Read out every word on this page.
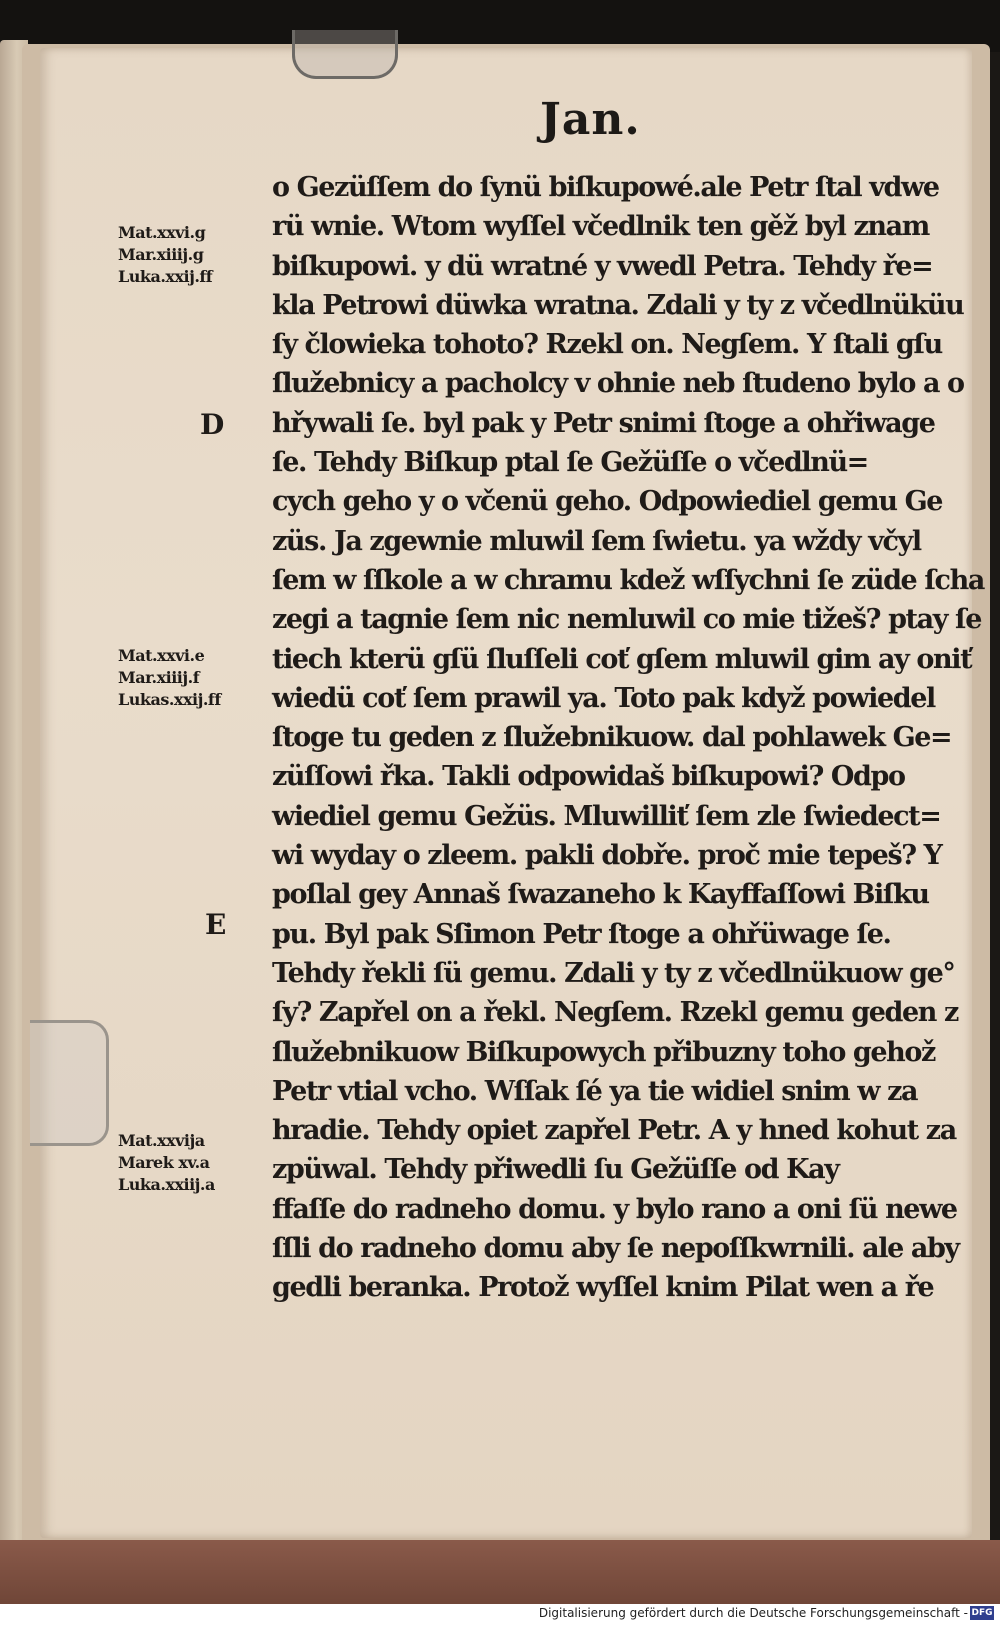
Jan.
o Gezüſſem do ſynü biſkupowé.ale Petr ſtal vdwe
rü wnie. Wtom wyſſel včedlnik ten gěž byl znam
biſkupowi. y dü wratné y vwedl Petra. Tehdy ře=
kla Petrowi düwka wratna. Zdali y ty z včedlnüküu
ſy člowieka tohoto? Rzekl on. Negſem. Y ſtali gſu
ſlužebnicy a pacholcy v ohnie neb ſtudeno bylo a o
hřywali ſe. byl pak y Petr snimi ſtoge a ohřiwage
ſe. Tehdy Biſkup ptal ſe Gežüſſe o včedlnü=
cych geho y o včenü geho. Odpowiediel gemu Ge
züs. Ja zgewnie mluwil ſem ſwietu. ya wždy včyl
ſem w ſſkole a w chramu kdež wſſychni ſe züde ſcha
zegi a tagnie ſem nic nemluwil co mie tižeš? ptay ſe
tiech kterü gſü ſluſſeli coť gſem mluwil gim ay oniť
wiedü coť ſem prawil ya. Toto pak když powiedel
ſtoge tu geden z ſlužebnikuow. dal pohlawek Ge=
züſſowi řka. Takli odpowidaš biſkupowi? Odpo
wiediel gemu Gežüs. Mluwilliť ſem zle ſwiedect=
wi wyday o zleem. pakli dobře. proč mie tepeš? Y
poſlal gey Annaš ſwazaneho k Kayffaſſowi Biſku
pu. Byl pak Sſimon Petr ſtoge a ohřüwage ſe.
Tehdy řekli ſü gemu. Zdali y ty z včedlnükuow ge°
ſy? Zapřel on a řekl. Negſem. Rzekl gemu geden z
ſlužebnikuow Biſkupowych přibuzny toho gehož
Petr vtial vcho. Wſſak ſé ya tie widiel snim w za
hradie. Tehdy opiet zapřel Petr. A y hned kohut za
zpüwal. Tehdy přiwedli ſu Gežüſſe od Kay
ffaſſe do radneho domu. y bylo rano a oni ſü newe
ſſli do radneho domu aby ſe nepoſſkwrnili. ale aby
gedli beranka. Protož wyſſel knim Pilat wen a ře
Mat.xxvi.g
Mar.xiiij.g
Luka.xxij.ff
D
Mat.xxvi.e
Mar.xiiij.f
Lukas.xxij.ff
E
Mat.xxvija
Marek xv.a
Luka.xxiij.a
Digitalisierung gefördert durch die Deutsche Forschungsgemeinschaft - DFG
